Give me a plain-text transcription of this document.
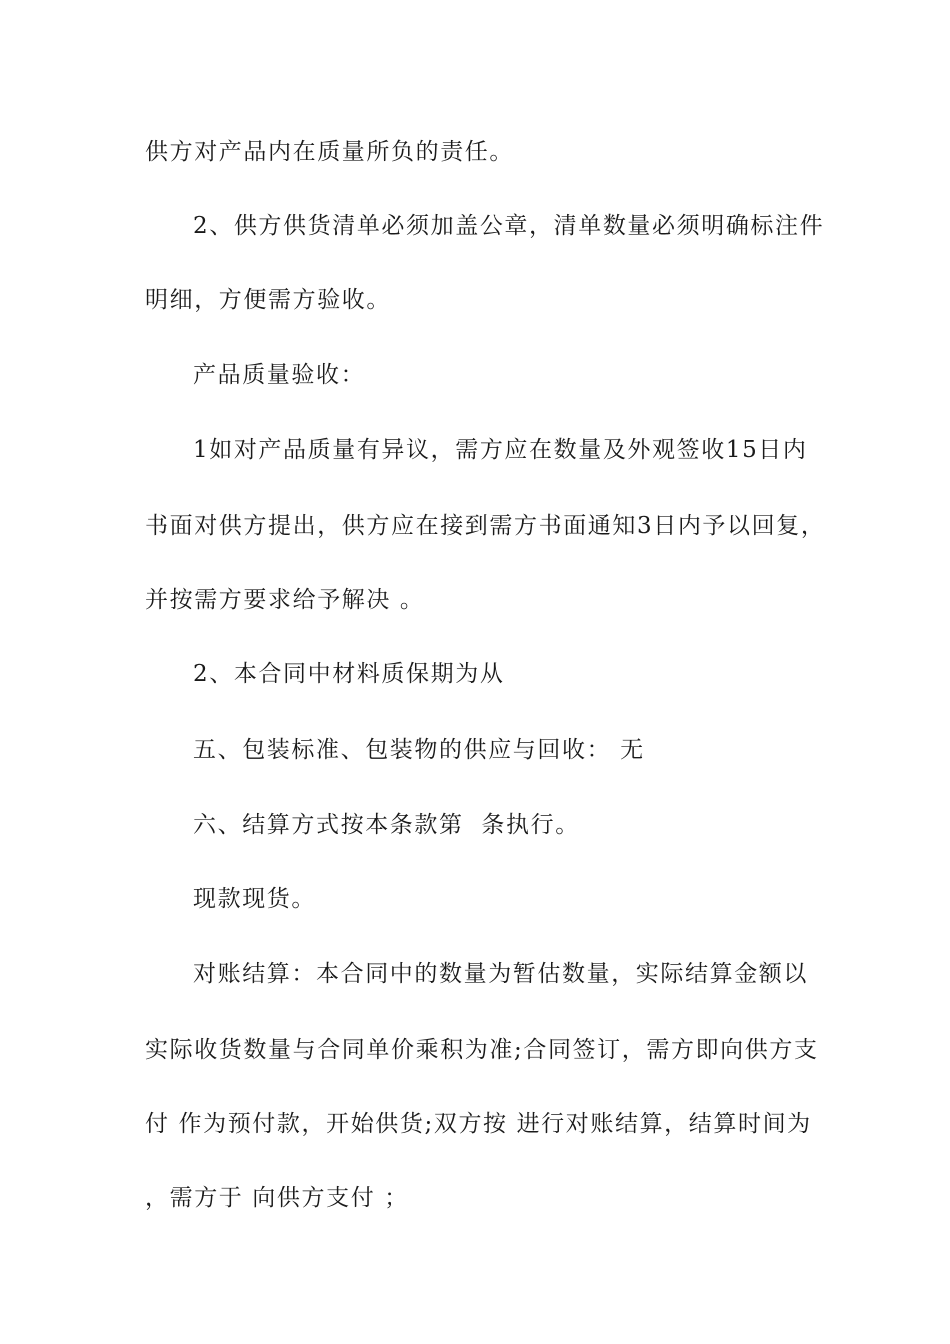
供方对产品内在质量所负的责任。
2、供方供货清单必须加盖公章，清单数量必须明确标注件
明细，方便需方验收。
产品质量验收：
1如对产品质量有异议，需方应在数量及外观签收15日内
书面对供方提出，供方应在接到需方书面通知3日内予以回复，
并按需方要求给予解决 。
2、本合同中材料质保期为从
五、包装标准、包装物的供应与回收： 无
六、结算方式按本条款第  条执行。
现款现货。
对账结算：本合同中的数量为暂估数量，实际结算金额以
实际收货数量与合同单价乘积为准;合同签订，需方即向供方支
付 作为预付款，开始供货;双方按 进行对账结算，结算时间为
，需方于 向供方支付 ；
